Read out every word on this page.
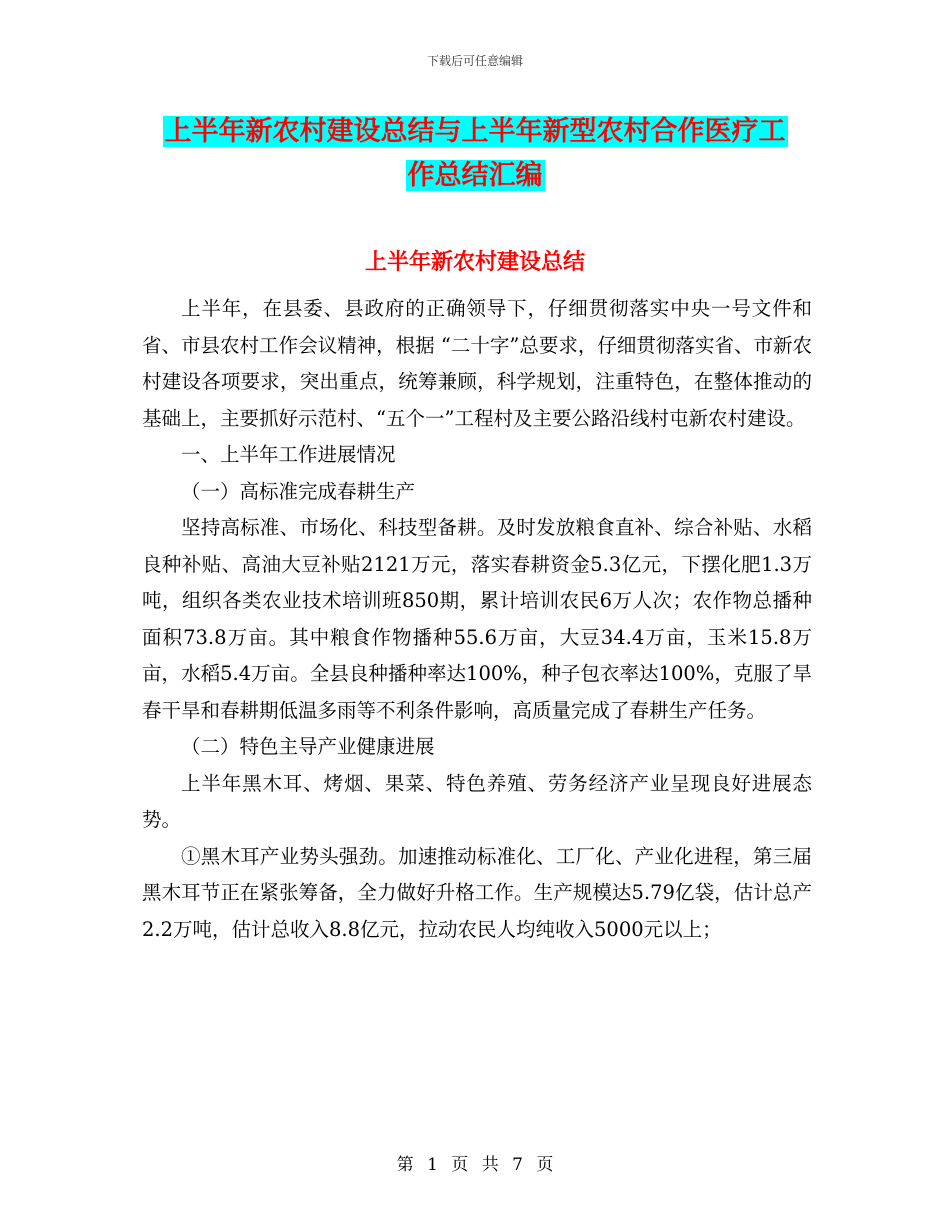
下载后可任意编辑
上半年新农村建设总结与上半年新型农村合作医疗工
作总结汇编
上半年新农村建设总结

上半年，在县委、县政府的正确领导下，仔细贯彻落实中央一号文件和省、市县农村工作会议精神，根据 “二十字”总要求，仔细贯彻落实省、市新农村建设各项要求，突出重点，统筹兼顾，科学规划，注重特色，在整体推动的基础上，主要抓好示范村、“五个一”工程村及主要公路沿线村屯新农村建设。

一、上半年工作进展情况

（一）高标准完成春耕生产

坚持高标准、市场化、科技型备耕。及时发放粮食直补、综合补贴、水稻良种补贴、高油大豆补贴2121万元，落实春耕资金5.3亿元，下摆化肥1.3万吨，组织各类农业技术培训班850期，累计培训农民6万人次；农作物总播种面积73.8万亩。其中粮食作物播种55.6万亩，大豆34.4万亩，玉米15.8万亩，水稻5.4万亩。全县良种播种率达100%，种子包衣率达100%，克服了旱春干旱和春耕期低温多雨等不利条件影响，高质量完成了春耕生产任务。

（二）特色主导产业健康进展

上半年黑木耳、烤烟、果菜、特色养殖、劳务经济产业呈现良好进展态势。

①黑木耳产业势头强劲。加速推动标准化、工厂化、产业化进程，第三届黑木耳节正在紧张筹备，全力做好升格工作。生产规模达5.79亿袋，估计总产2.2万吨，估计总收入8.8亿元，拉动农民人均纯收入5000元以上；

第 1 页 共 7 页
